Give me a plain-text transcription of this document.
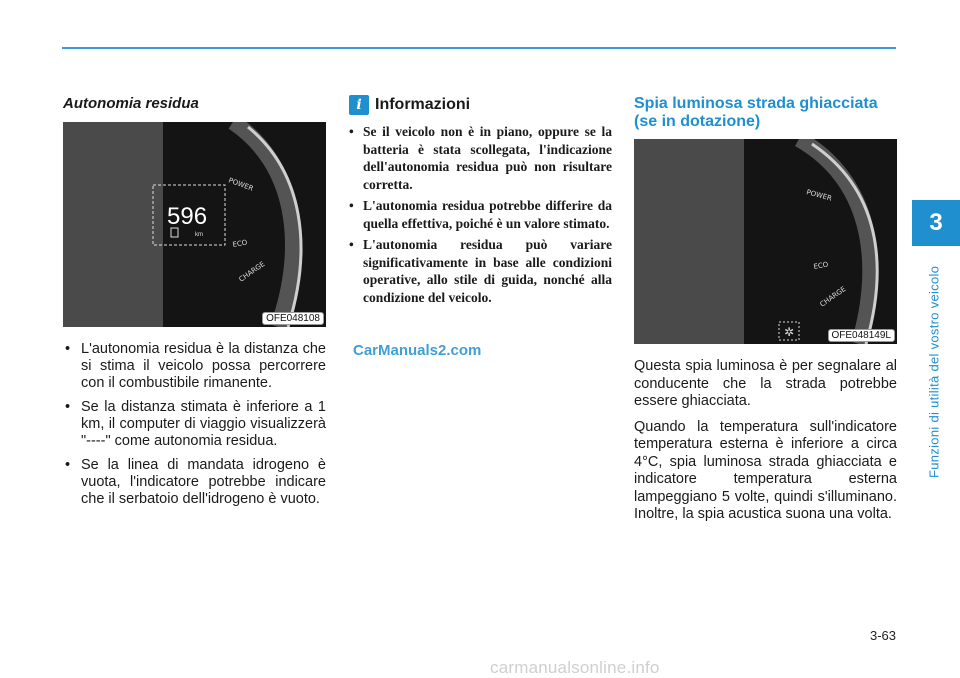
3
Funzioni di utilità del vostro veicolo
Autonomia residua
POWER
ECO
CHARGE
596
km
OFE048108
• L'autonomia residua è la distanza che si stima il veicolo possa percorrere con il combustibile rimanente.
• Se la distanza stimata è inferiore a 1 km, il computer di viaggio visualizzerà "----" come autonomia residua.
• Se la linea di mandata idrogeno è vuota, l'indicatore potrebbe indicare che il serbatoio dell'idrogeno è vuoto.
i Informazioni
• Se il veicolo non è in piano, oppure se la batteria è stata scollegata, l'indicazione dell'autonomia residua può non risultare corretta.
• L'autonomia residua potrebbe differire da quella effettiva, poiché è un valore stimato.
• L'autonomia residua può variare significativamente in base alle condizioni operative, allo stile di guida, nonché alla condizione del veicolo.
CarManuals2.com
Spia luminosa strada ghiacciata (se in dotazione)
POWER
ECO
CHARGE
✲	OFE048149L

Questa spia luminosa è per segnalare al conducente che la strada potrebbe essere ghiacciata.

Quando la temperatura sull'indicatore temperatura esterna è inferiore a circa 4°C, spia luminosa strada ghiacciata e indicatore temperatura esterna lampeggiano 5 volte, quindi s'illuminano. Inoltre, la spia acustica suona una volta.

3-63
carmanualsonline.info
